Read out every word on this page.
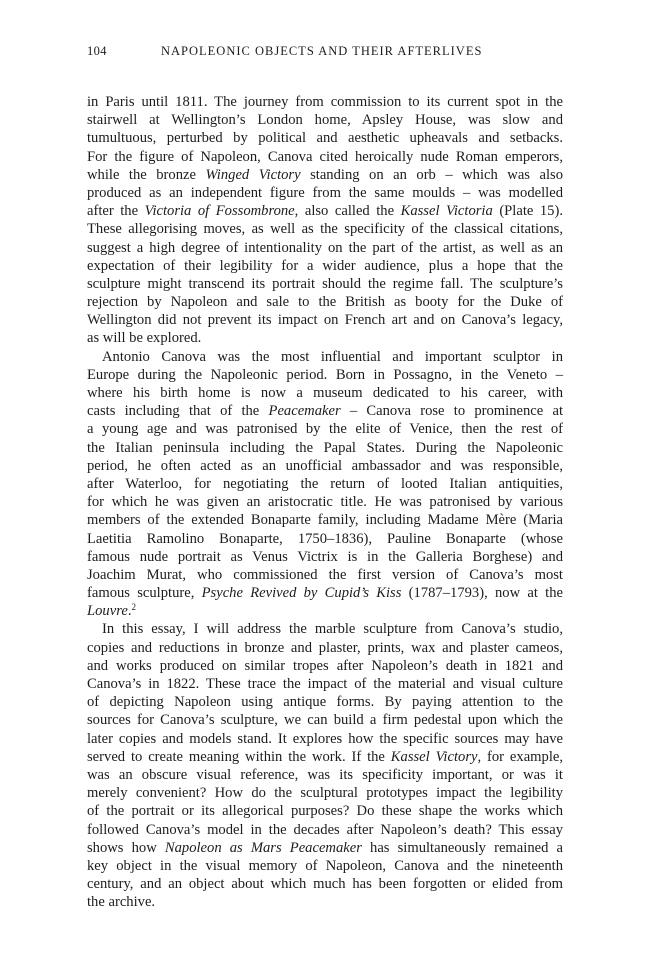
104	NAPOLEONIC OBJECTS AND THEIR AFTERLIVES
in Paris until 1811. The journey from commission to its current spot in the
stairwell at Wellington’s London home, Apsley House, was slow and
tumultuous, perturbed by political and aesthetic upheavals and setbacks.
For the figure of Napoleon, Canova cited heroically nude Roman emperors,
while the bronze Winged Victory standing on an orb – which was also
produced as an independent figure from the same moulds – was modelled
after the Victoria of Fossombrone, also called the Kassel Victoria (Plate 15).
These allegorising moves, as well as the specificity of the classical citations,
suggest a high degree of intentionality on the part of the artist, as well as an
expectation of their legibility for a wider audience, plus a hope that the
sculpture might transcend its portrait should the regime fall. The sculpture’s
rejection by Napoleon and sale to the British as booty for the Duke of
Wellington did not prevent its impact on French art and on Canova’s legacy,
as will be explored.
Antonio Canova was the most influential and important sculptor in
Europe during the Napoleonic period. Born in Possagno, in the Veneto –
where his birth home is now a museum dedicated to his career, with
casts including that of the Peacemaker – Canova rose to prominence at
a young age and was patronised by the elite of Venice, then the rest of
the Italian peninsula including the Papal States. During the Napoleonic
period, he often acted as an unofficial ambassador and was responsible,
after Waterloo, for negotiating the return of looted Italian antiquities,
for which he was given an aristocratic title. He was patronised by various
members of the extended Bonaparte family, including Madame Mère (Maria
Laetitia Ramolino Bonaparte, 1750–1836), Pauline Bonaparte (whose
famous nude portrait as Venus Victrix is in the Galleria Borghese) and
Joachim Murat, who commissioned the first version of Canova’s most
famous sculpture, Psyche Revived by Cupid’s Kiss (1787–1793), now at the
Louvre.$^2$
In this essay, I will address the marble sculpture from Canova’s studio,
copies and reductions in bronze and plaster, prints, wax and plaster cameos,
and works produced on similar tropes after Napoleon’s death in 1821 and
Canova’s in 1822. These trace the impact of the material and visual culture
of depicting Napoleon using antique forms. By paying attention to the
sources for Canova’s sculpture, we can build a firm pedestal upon which the
later copies and models stand. It explores how the specific sources may have
served to create meaning within the work. If the Kassel Victory, for example,
was an obscure visual reference, was its specificity important, or was it
merely convenient? How do the sculptural prototypes impact the legibility
of the portrait or its allegorical purposes? Do these shape the works which
followed Canova’s model in the decades after Napoleon’s death? This essay
shows how Napoleon as Mars Peacemaker has simultaneously remained a
key object in the visual memory of Napoleon, Canova and the nineteenth
century, and an object about which much has been forgotten or elided from
the archive.
